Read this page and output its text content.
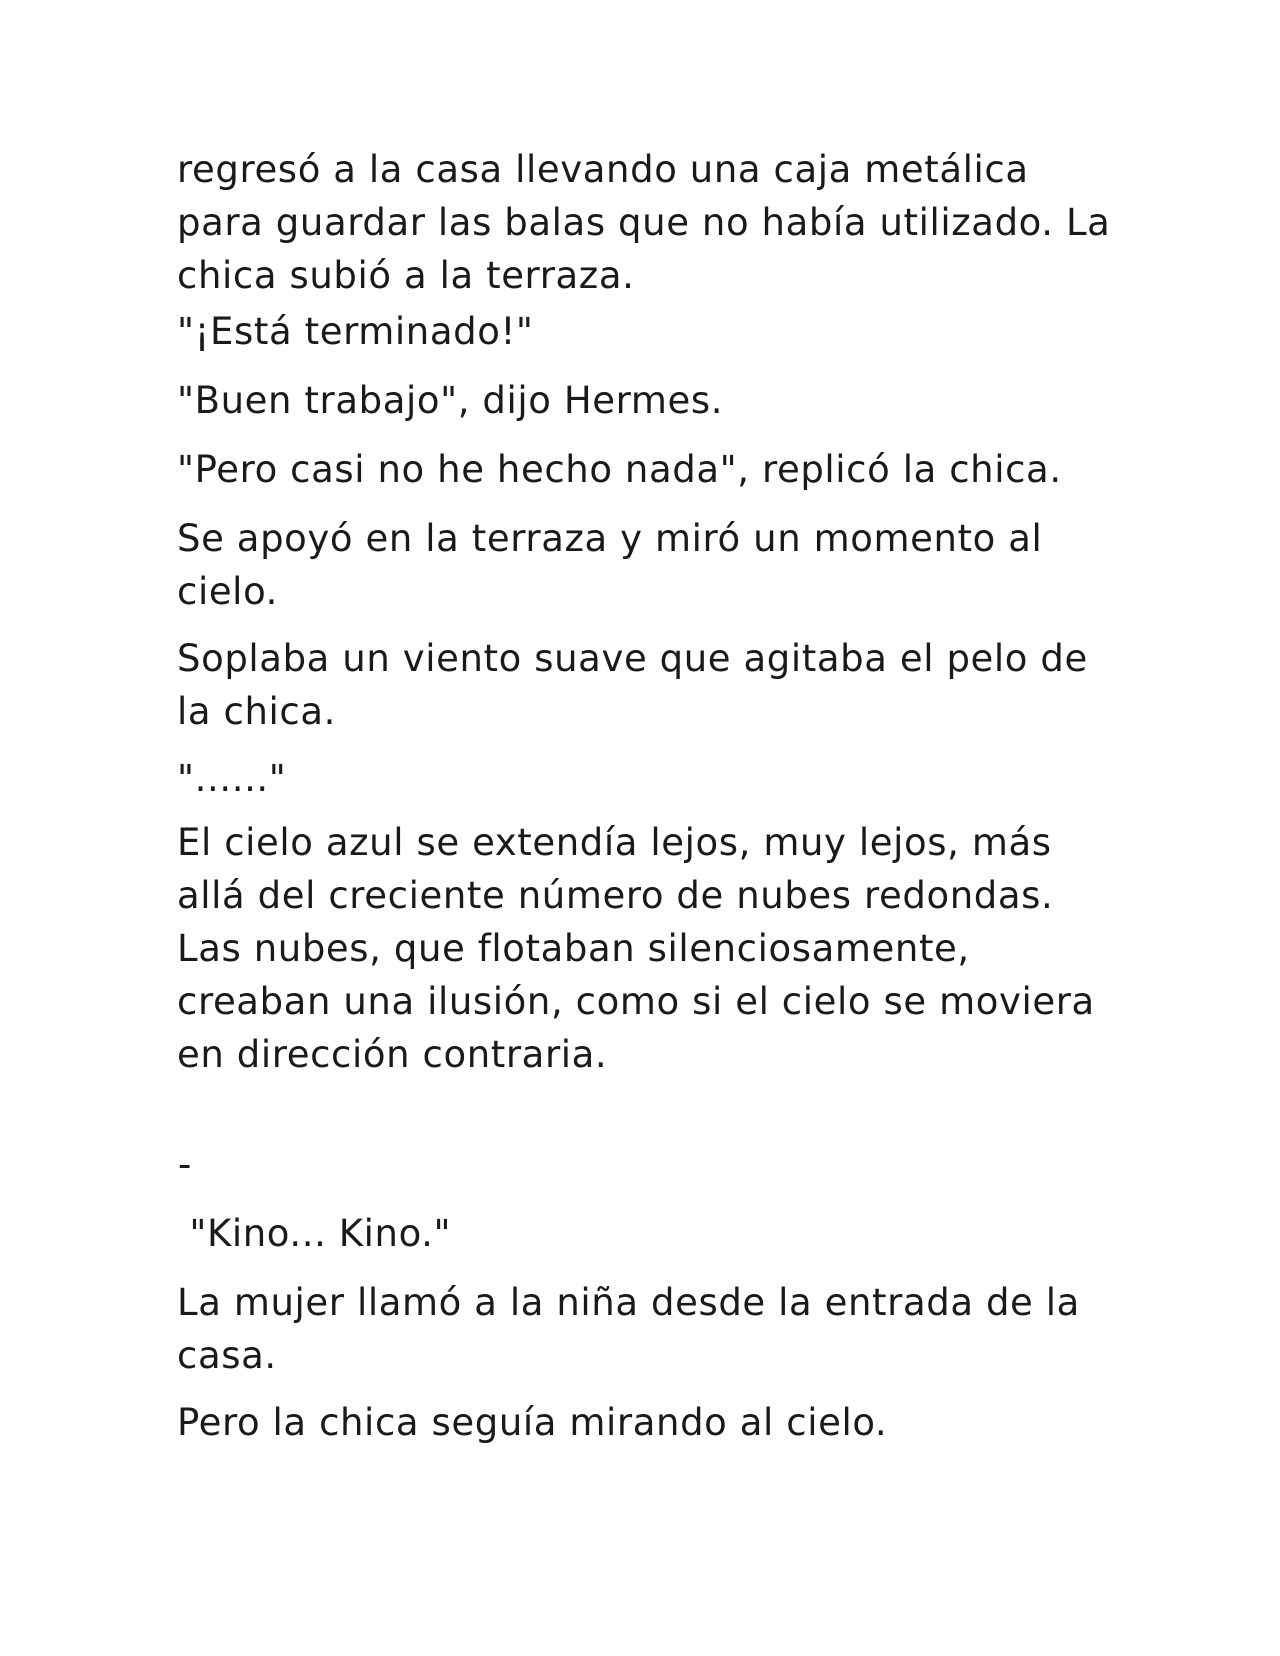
regresó a la casa llevando una caja metálica para guardar las balas que no había utilizado. La chica subió a la terraza.

"¡Está terminado!"

"Buen trabajo", dijo Hermes.

"Pero casi no he hecho nada", replicó la chica.

Se apoyó en la terraza y miró un momento al cielo.

Soplaba un viento suave que agitaba el pelo de la chica.

"......"

El cielo azul se extendía lejos, muy lejos, más allá del creciente número de nubes redondas. Las nubes, que flotaban silenciosamente, creaban una ilusión, como si el cielo se moviera en dirección contraria.

-

"Kino... Kino."

La mujer llamó a la niña desde la entrada de la casa.

Pero la chica seguía mirando al cielo.
